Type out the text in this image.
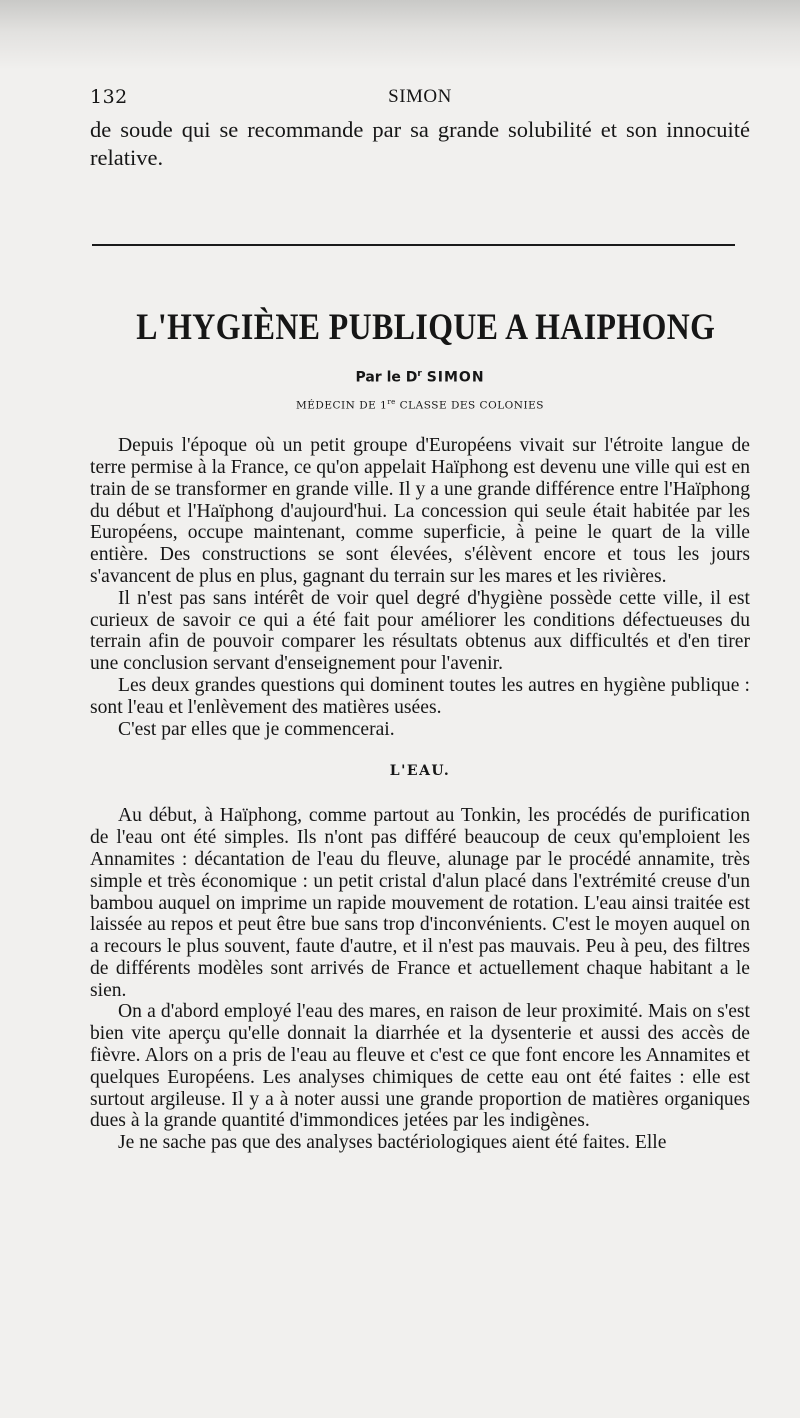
132	SIMON

de soude qui se recommande par sa grande solubilité et son innocuité relative.

L'HYGIÈNE PUBLIQUE A HAIPHONG

Par le $D^r$ SIMON

MÉDECIN DE 1re CLASSE DES COLONIES

Depuis l'époque où un petit groupe d'Européens vivait sur l'étroite langue de terre permise à la France, ce qu'on appelait Haïphong est devenu une ville qui est en train de se transformer en grande ville. Il y a une grande différence entre l'Haïphong du début et l'Haïphong d'aujourd'hui. La concession qui seule était habitée par les Européens, occupe maintenant, comme superficie, à peine le quart de la ville entière. Des constructions se sont élevées, s'élèvent encore et tous les jours s'avancent de plus en plus, gagnant du terrain sur les mares et les rivières.

Il n'est pas sans intérêt de voir quel degré d'hygiène possède cette ville, il est curieux de savoir ce qui a été fait pour améliorer les conditions défectueuses du terrain afin de pouvoir comparer les résultats obtenus aux difficultés et d'en tirer une conclusion servant d'enseignement pour l'avenir.

Les deux grandes questions qui dominent toutes les autres en hygiène publique : sont l'eau et l'enlèvement des matières usées.

C'est par elles que je commencerai.

L'EAU.

Au début, à Haïphong, comme partout au Tonkin, les procédés de purification de l'eau ont été simples. Ils n'ont pas différé beaucoup de ceux qu'emploient les Annamites : décantation de l'eau du fleuve, alunage par le procédé annamite, très simple et très économique : un petit cristal d'alun placé dans l'extrémité creuse d'un bambou auquel on imprime un rapide mouvement de rotation. L'eau ainsi traitée est laissée au repos et peut être bue sans trop d'inconvénients. C'est le moyen auquel on a recours le plus souvent, faute d'autre, et il n'est pas mauvais. Peu à peu, des filtres de différents modèles sont arrivés de France et actuellement chaque habitant a le sien.

On a d'abord employé l'eau des mares, en raison de leur proximité. Mais on s'est bien vite aperçu qu'elle donnait la diarrhée et la dysenterie et aussi des accès de fièvre. Alors on a pris de l'eau au fleuve et c'est ce que font encore les Annamites et quelques Européens. Les analyses chimiques de cette eau ont été faites : elle est surtout argileuse. Il y a à noter aussi une grande proportion de matières organiques dues à la grande quantité d'immondices jetées par les indigènes.

Je ne sache pas que des analyses bactériologiques aient été faites. Elle
